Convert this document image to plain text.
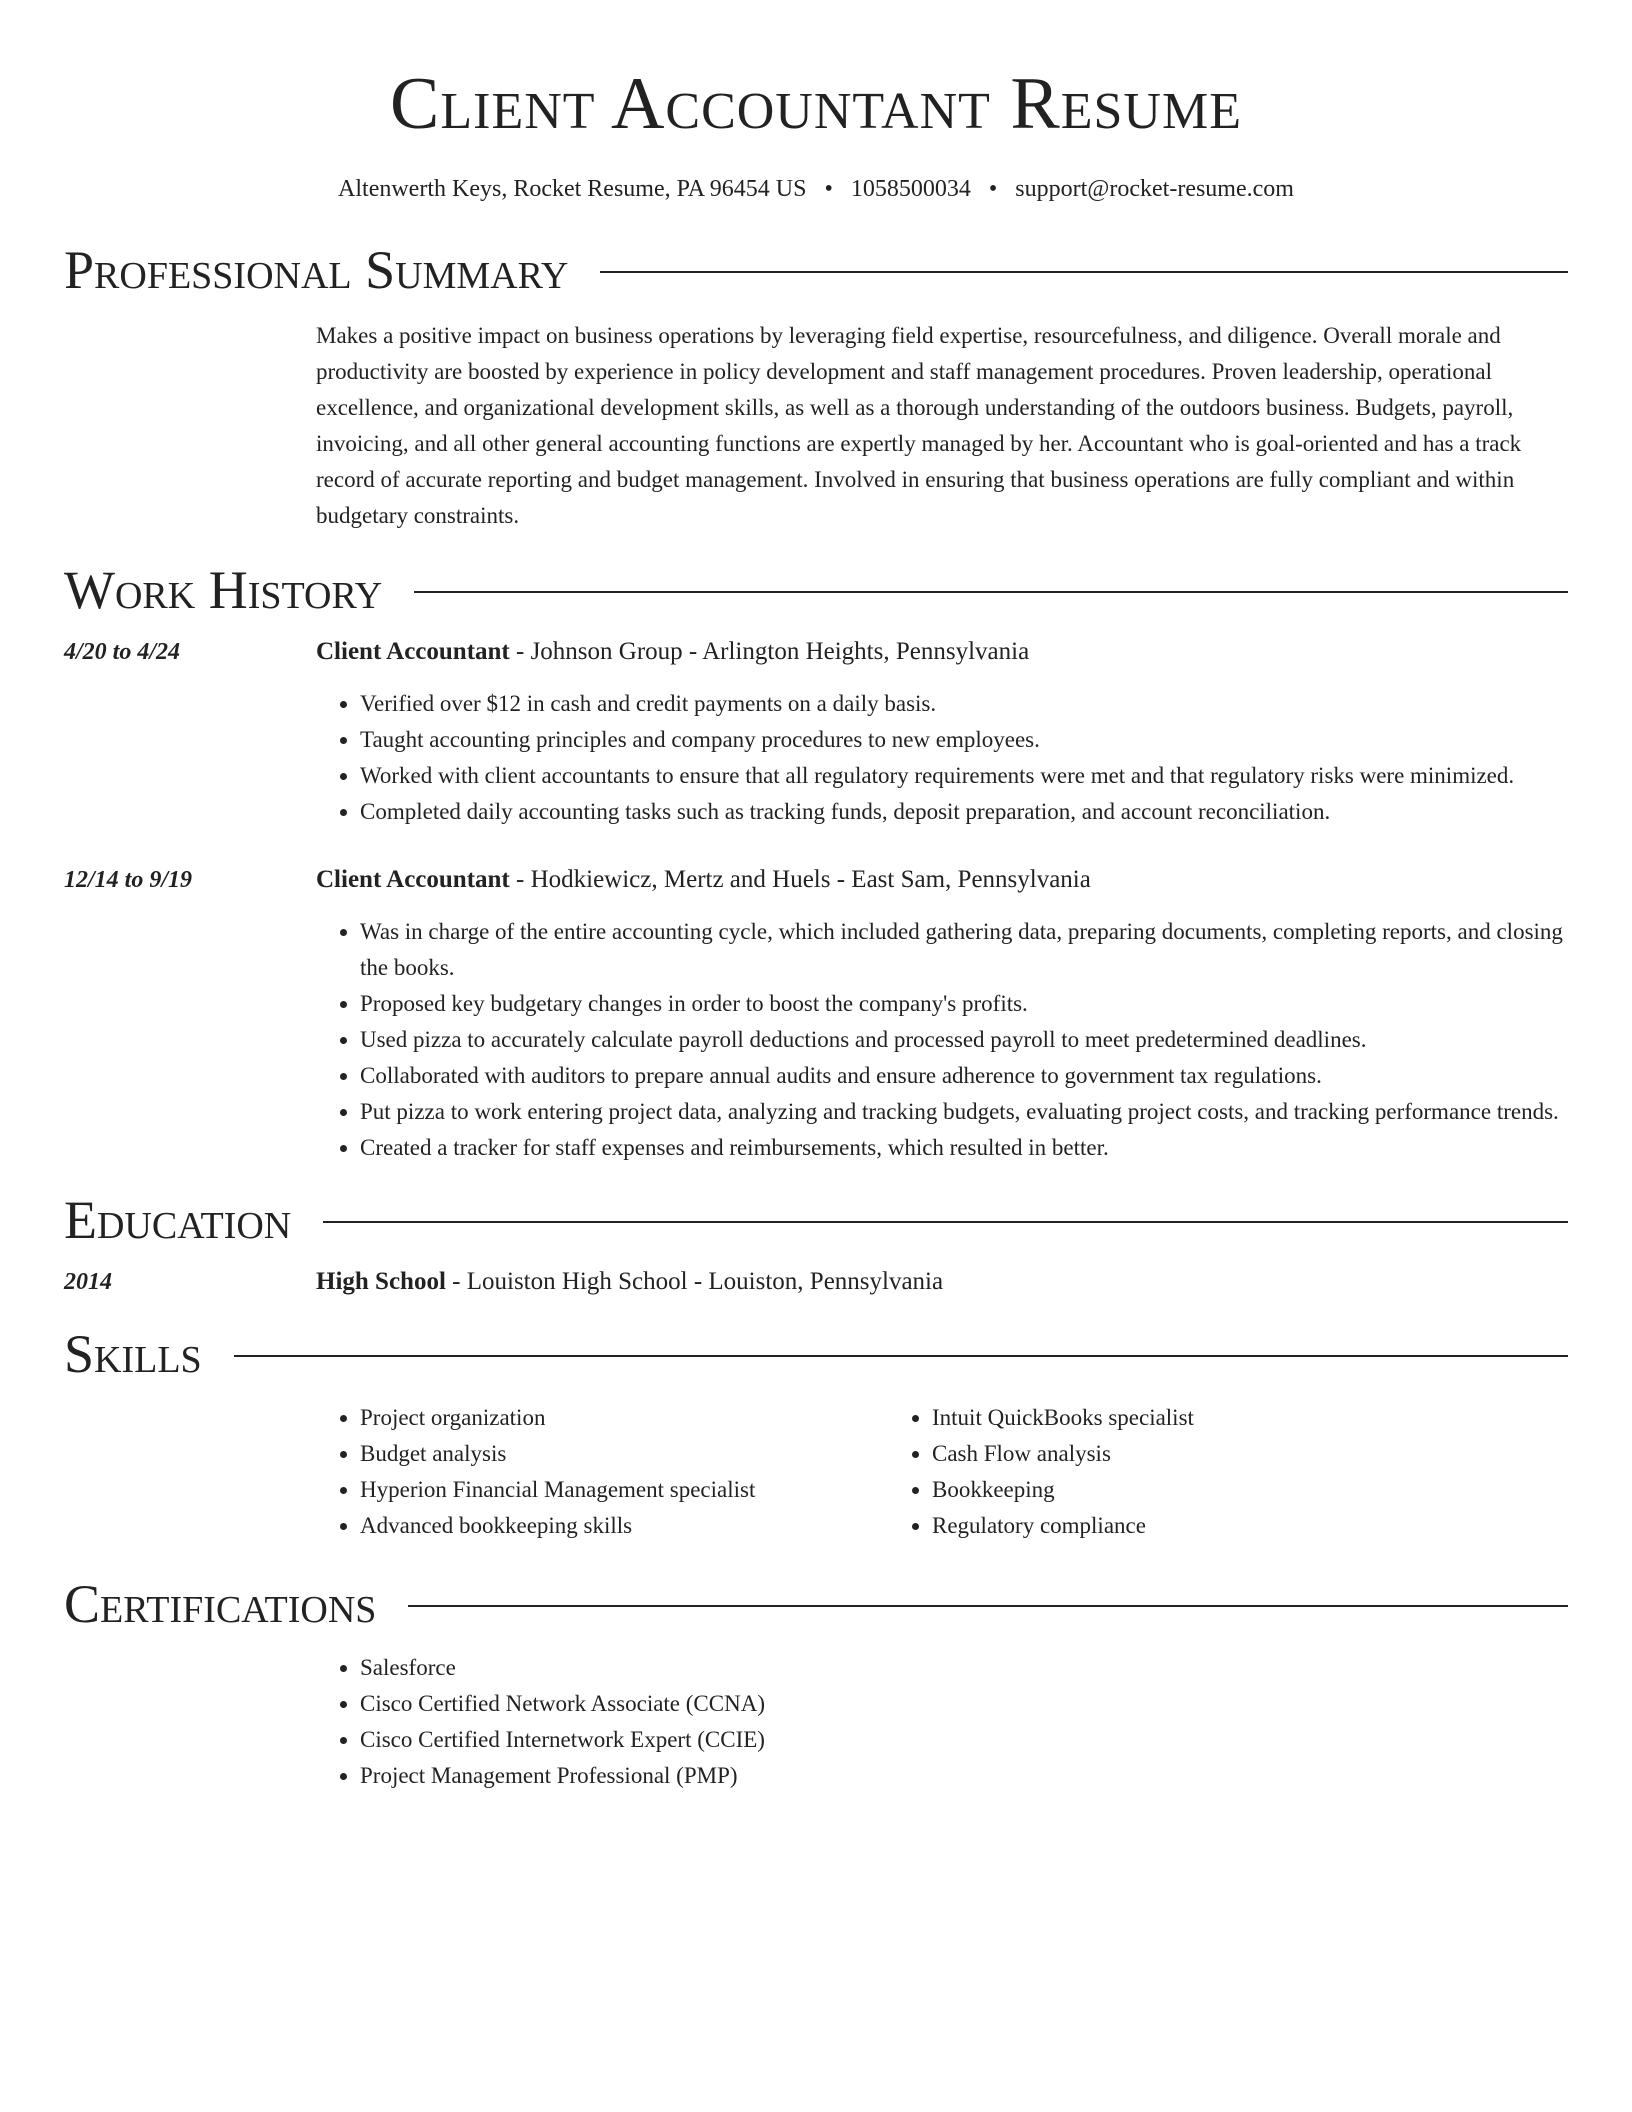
Client Accountant Resume
Altenwerth Keys, Rocket Resume, PA 96454 US • 1058500034 • support@rocket-resume.com
Professional Summary
Makes a positive impact on business operations by leveraging field expertise, resourcefulness, and diligence. Overall morale and productivity are boosted by experience in policy development and staff management procedures. Proven leadership, operational excellence, and organizational development skills, as well as a thorough understanding of the outdoors business. Budgets, payroll, invoicing, and all other general accounting functions are expertly managed by her. Accountant who is goal-oriented and has a track record of accurate reporting and budget management. Involved in ensuring that business operations are fully compliant and within budgetary constraints.
Work History
4/20 to 4/24	Client Accountant - Johnson Group - Arlington Heights, Pennsylvania
• Verified over $12 in cash and credit payments on a daily basis.
• Taught accounting principles and company procedures to new employees.
• Worked with client accountants to ensure that all regulatory requirements were met and that regulatory risks were minimized.
• Completed daily accounting tasks such as tracking funds, deposit preparation, and account reconciliation.
12/14 to 9/19	Client Accountant - Hodkiewicz, Mertz and Huels - East Sam, Pennsylvania
• Was in charge of the entire accounting cycle, which included gathering data, preparing documents, completing reports, and closing the books.
• Proposed key budgetary changes in order to boost the company's profits.
• Used pizza to accurately calculate payroll deductions and processed payroll to meet predetermined deadlines.
• Collaborated with auditors to prepare annual audits and ensure adherence to government tax regulations.
• Put pizza to work entering project data, analyzing and tracking budgets, evaluating project costs, and tracking performance trends.
• Created a tracker for staff expenses and reimbursements, which resulted in better.
Education
2014	High School - Louiston High School - Louiston, Pennsylvania
Skills
• Project organization
• Budget analysis
• Hyperion Financial Management specialist
• Advanced bookkeeping skills
• Intuit QuickBooks specialist
• Cash Flow analysis
• Bookkeeping
• Regulatory compliance
Certifications
• Salesforce
• Cisco Certified Network Associate (CCNA)
• Cisco Certified Internetwork Expert (CCIE)
• Project Management Professional (PMP)
